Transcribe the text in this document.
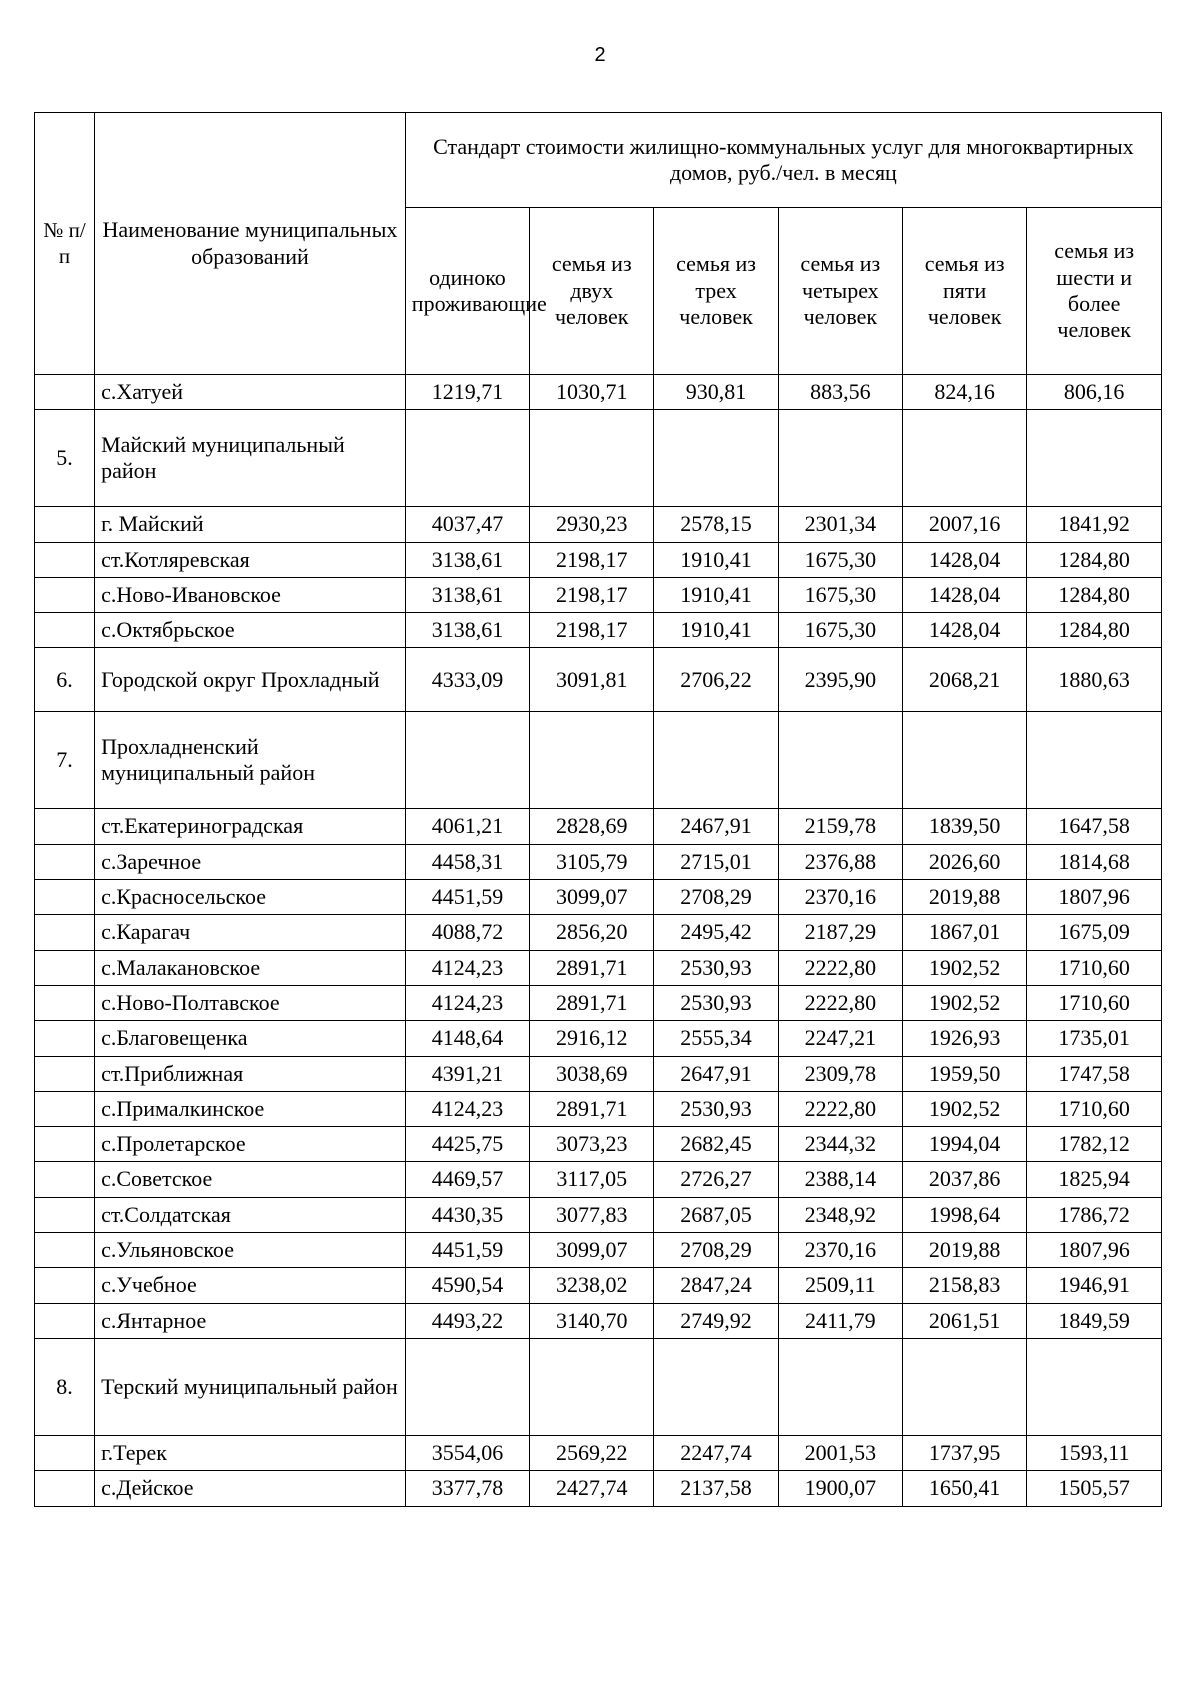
2
№ п/п	Наименование муниципальных образований	Стандарт стоимости жилищно-коммунальных услуг для многоквартирных домов, руб./чел. в месяц					
		одиноко проживающие	семья из двух человек	семья из трех человек	семья из четырех человек	семья из пяти человек	семья из шести и более человек
	с.Хатуей	1219,71	1030,71	930,81	883,56	824,16	806,16
5.	Майский муниципальный район						
	г. Майский	4037,47	2930,23	2578,15	2301,34	2007,16	1841,92
	ст.Котляревская	3138,61	2198,17	1910,41	1675,30	1428,04	1284,80
	с.Ново-Ивановское	3138,61	2198,17	1910,41	1675,30	1428,04	1284,80
	с.Октябрьское	3138,61	2198,17	1910,41	1675,30	1428,04	1284,80
6.	Городской округ Прохладный	4333,09	3091,81	2706,22	2395,90	2068,21	1880,63
7.	Прохладненский муниципальный район						
	ст.Екатериноградская	4061,21	2828,69	2467,91	2159,78	1839,50	1647,58
	с.Заречное	4458,31	3105,79	2715,01	2376,88	2026,60	1814,68
	с.Красносельское	4451,59	3099,07	2708,29	2370,16	2019,88	1807,96
	с.Карагач	4088,72	2856,20	2495,42	2187,29	1867,01	1675,09
	с.Малакановское	4124,23	2891,71	2530,93	2222,80	1902,52	1710,60
	с.Ново-Полтавское	4124,23	2891,71	2530,93	2222,80	1902,52	1710,60
	с.Благовещенка	4148,64	2916,12	2555,34	2247,21	1926,93	1735,01
	ст.Приближная	4391,21	3038,69	2647,91	2309,78	1959,50	1747,58
	с.Прималкинское	4124,23	2891,71	2530,93	2222,80	1902,52	1710,60
	с.Пролетарское	4425,75	3073,23	2682,45	2344,32	1994,04	1782,12
	с.Советское	4469,57	3117,05	2726,27	2388,14	2037,86	1825,94
	ст.Солдатская	4430,35	3077,83	2687,05	2348,92	1998,64	1786,72
	с.Ульяновское	4451,59	3099,07	2708,29	2370,16	2019,88	1807,96
	с.Учебное	4590,54	3238,02	2847,24	2509,11	2158,83	1946,91
	с.Янтарное	4493,22	3140,70	2749,92	2411,79	2061,51	1849,59
8.	Терский муниципальный район						
	г.Терек	3554,06	2569,22	2247,74	2001,53	1737,95	1593,11
	с.Дейское	3377,78	2427,74	2137,58	1900,07	1650,41	1505,57
